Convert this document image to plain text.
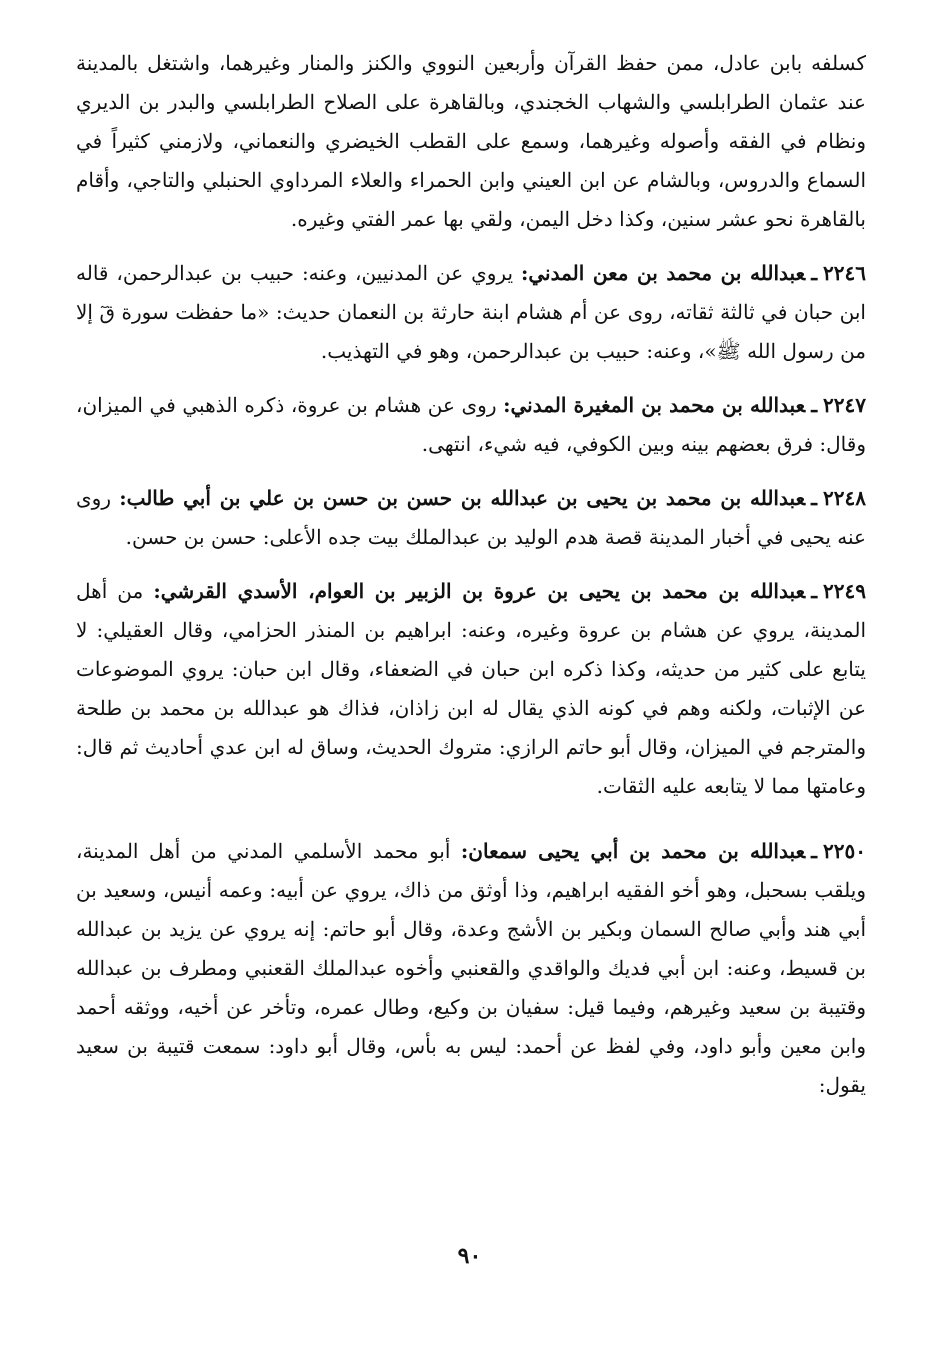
كسلفه بابن عادل، ممن حفظ القرآن وأربعين النووي والكنز والمنار وغيرهما، واشتغل بالمدينة عند عثمان الطرابلسي والشهاب الخجندي، وبالقاهرة على الصلاح الطرابلسي والبدر بن الديري ونظام في الفقه وأصوله وغيرهما، وسمع على القطب الخيضري والنعماني، ولازمني كثيراً في السماع والدروس، وبالشام عن ابن العيني وابن الحمراء والعلاء المرداوي الحنبلي والتاجي، وأقام بالقاهرة نحو عشر سنين، وكذا دخل اليمن، ولقي بها عمر الفتي وغيره.

٢٢٤٦ـعبدالله بن محمد بن معن المدني: يروي عن المدنيين، وعنه: حبيب بن عبدالرحمن، قاله ابن حبان في ثالثة ثقاته، روى عن أم هشام ابنة حارثة بن النعمان حديث: «ما حفظت سورة قٓ إلا من رسول الله ﷺ»، وعنه: حبيب بن عبدالرحمن، وهو في التهذيب.

٢٢٤٧ـعبدالله بن محمد بن المغيرة المدني: روى عن هشام بن عروة، ذكره الذهبي في الميزان، وقال: فرق بعضهم بينه وبين الكوفي، فيه شيء، انتهى.

٢٢٤٨ـعبدالله بن محمد بن يحيى بن عبدالله بن حسن بن حسن بن علي بن أبي طالب: روى عنه يحيى في أخبار المدينة قصة هدم الوليد بن عبدالملك بيت جده الأعلى: حسن بن حسن.

٢٢٤٩ـعبدالله بن محمد بن يحيى بن عروة بن الزبير بن العوام، الأسدي القرشي: من أهل المدينة، يروي عن هشام بن عروة وغيره، وعنه: ابراهيم بن المنذر الحزامي، وقال العقيلي: لا يتابع على كثير من حديثه، وكذا ذكره ابن حبان في الضعفاء، وقال ابن حبان: يروي الموضوعات عن الإثبات، ولكنه وهم في كونه الذي يقال له ابن زاذان، فذاك هو عبدالله بن محمد بن طلحة والمترجم في الميزان، وقال أبو حاتم الرازي: متروك الحديث، وساق له ابن عدي أحاديث ثم قال: وعامتها مما لا يتابعه عليه الثقات.

٢٢٥٠ـعبدالله بن محمد بن أبي يحيى سمعان: أبو محمد الأسلمي المدني من أهل المدينة، ويلقب بسحبل، وهو أخو الفقيه ابراهيم، وذا أوثق من ذاك، يروي عن أبيه: وعمه أنيس، وسعيد بن أبي هند وأبي صالح السمان وبكير بن الأشج وعدة، وقال أبو حاتم: إنه يروي عن يزيد بن عبدالله بن قسيط، وعنه: ابن أبي فديك والواقدي والقعنبي وأخوه عبدالملك القعنبي ومطرف بن عبدالله وقتيبة بن سعيد وغيرهم، وفيما قيل: سفيان بن وكيع، وطال عمره، وتأخر عن أخيه، ووثقه أحمد وابن معين وأبو داود، وفي لفظ عن أحمد: ليس به بأس، وقال أبو داود: سمعت قتيبة بن سعيد يقول:

٩٠
